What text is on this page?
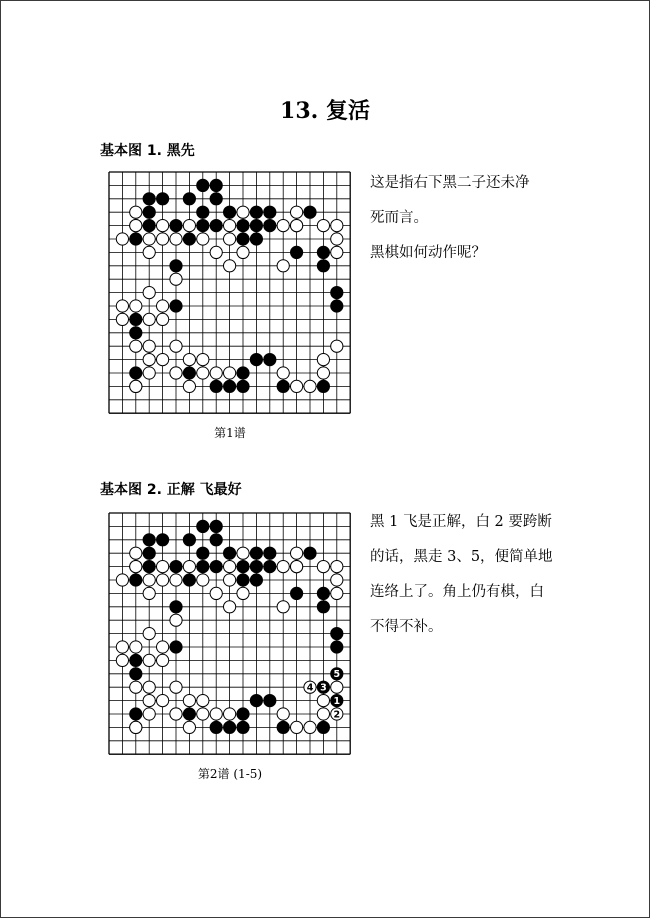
13. 复活
基本图 1. 黑先
第1谱
这是指右下黑二子还未净
死而言。
黑棋如何动作呢？
基本图 2. 正解 飞最好
1
2
3
4
5
第2谱 (1-5)
黑 1 飞是正解，白 2 要跨断
的话，黑走 3、5，便简单地
连络上了。角上仍有棋，白
不得不补。
